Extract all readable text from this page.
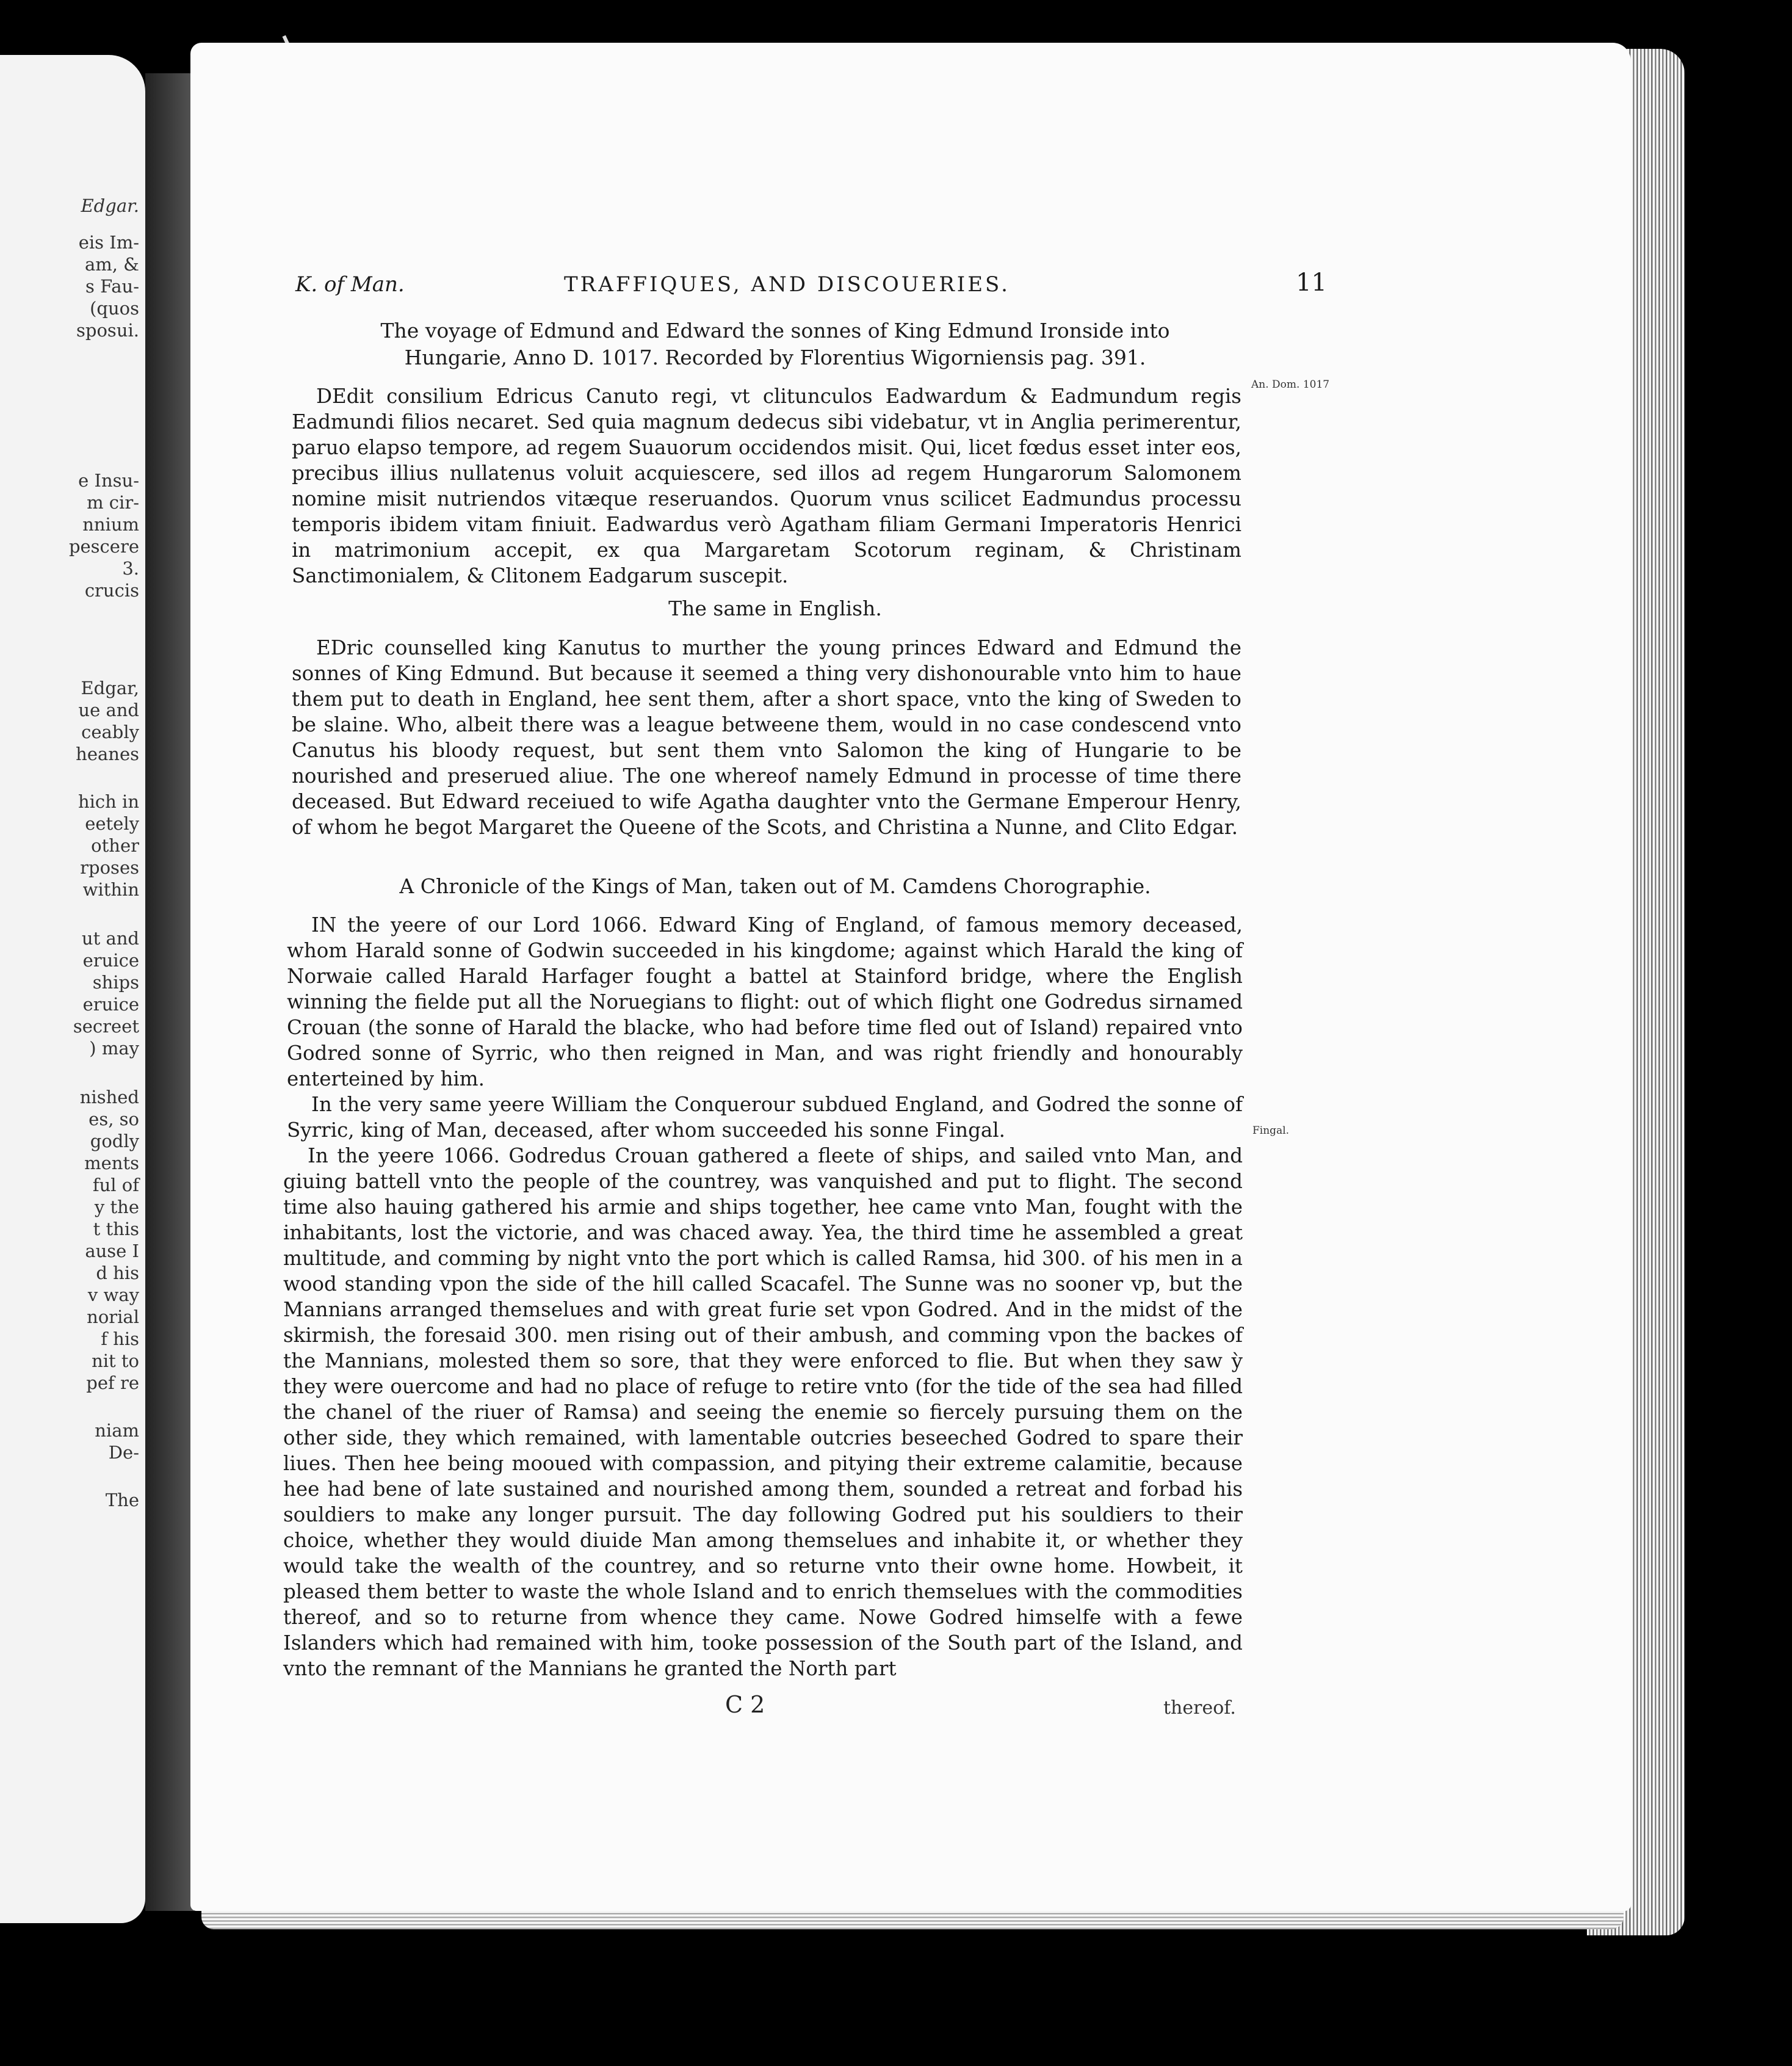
Edgar.
eis Im-
am, &
s Fau-
(quos
sposui.
e Insu-
m cir-
nnium
pescere
3.
crucis
Edgar,
ue and
ceably
heanes
hich in
eetely
other
rposes
within
ut and
eruice
ships
eruice
secreet
) may
nished
es, so
godly
ments
ful of
y the
t this
ause I
d his
v way
norial
f his
nit to
pef re
niam
De-
The
K. of Man.	TRAFFIQUES, AND DISCOUERIES.	11
The voyage of Edmund and Edward the sonnes of King Edmund Ironside into
Hungarie, Anno D. 1017. Recorded by Florentius Wigorniensis pag. 391.
DEdit consilium Edricus Canuto regi, vt clitunculos Eadwardum & Eadmundum regis Eadmundi filios necaret. Sed quia magnum dedecus sibi videbatur, vt in Anglia perimerentur, paruo elapso tempore, ad regem Suauorum occidendos misit. Qui, licet fœdus esset inter eos, precibus illius nullatenus voluit acquiescere, sed illos ad regem Hungarorum Salomonem nomine misit nutriendos vitæque reseruandos. Quorum vnus scilicet Eadmundus processu temporis ibidem vitam finiuit. Eadwardus verò Agatham filiam Germani Imperatoris Henrici in matrimonium accepit, ex qua Margaretam Scotorum reginam, & Christinam Sanctimonialem, & Clitonem Eadgarum suscepit.
An. Dom. 1017
The same in English.
EDric counselled king Kanutus to murther the young princes Edward and Edmund the sonnes of King Edmund. But because it seemed a thing very dishonourable vnto him to haue them put to death in England, hee sent them, after a short space, vnto the king of Sweden to be slaine. Who, albeit there was a league betweene them, would in no case condescend vnto Canutus his bloody request, but sent them vnto Salomon the king of Hungarie to be nourished and preserued aliue. The one whereof namely Edmund in processe of time there deceased. But Edward receiued to wife Agatha daughter vnto the Germane Emperour Henry, of whom he begot Margaret the Queene of the Scots, and Christina a Nunne, and Clito Edgar.
A Chronicle of the Kings of Man, taken out of M. Camdens Chorographie.
IN the yeere of our Lord 1066. Edward King of England, of famous memory deceased, whom Harald sonne of Godwin succeeded in his kingdome; against which Harald the king of Norwaie called Harald Harfager fought a battel at Stainford bridge, where the English winning the fielde put all the Noruegians to flight: out of which flight one Godredus sirnamed Crouan (the sonne of Harald the blacke, who had before time fled out of Island) repaired vnto Godred sonne of Syrric, who then reigned in Man, and was right friendly and honourably enterteined by him.
In the very same yeere William the Conquerour subdued England, and Godred the sonne of Syrric, king of Man, deceased, after whom succeeded his sonne Fingal.	Fingal.
In the yeere 1066. Godredus Crouan gathered a fleete of ships, and sailed vnto Man, and giuing battell vnto the people of the countrey, was vanquished and put to flight. The second time also hauing gathered his armie and ships together, hee came vnto Man, fought with the inhabitants, lost the victorie, and was chaced away. Yea, the third time he assembled a great multitude, and comming by night vnto the port which is called Ramsa, hid 300. of his men in a wood standing vpon the side of the hill called Scacafel. The Sunne was no sooner vp, but the Mannians arranged themselues and with great furie set vpon Godred. And in the midst of the skirmish, the foresaid 300. men rising out of their ambush, and comming vpon the backes of the Mannians, molested them so sore, that they were enforced to flie. But when they saw ỳ they were ouercome and had no place of refuge to retire vnto (for the tide of the sea had filled the chanel of the riuer of Ramsa) and seeing the enemie so fiercely pursuing them on the other side, they which remained, with lamentable outcries beseeched Godred to spare their liues. Then hee being mooued with compassion, and pitying their extreme calamitie, because hee had bene of late sustained and nourished among them, sounded a retreat and forbad his souldiers to make any longer pursuit. The day following Godred put his souldiers to their choice, whether they would diuide Man among themselues and inhabite it, or whether they would take the wealth of the countrey, and so returne vnto their owne home. Howbeit, it pleased them better to waste the whole Island and to enrich themselues with the commodities thereof, and so to returne from whence they came. Nowe Godred himselfe with a fewe Islanders which had remained with him, tooke possession of the South part of the Island, and vnto the remnant of the Mannians he granted the North part
C 2	thereof.
